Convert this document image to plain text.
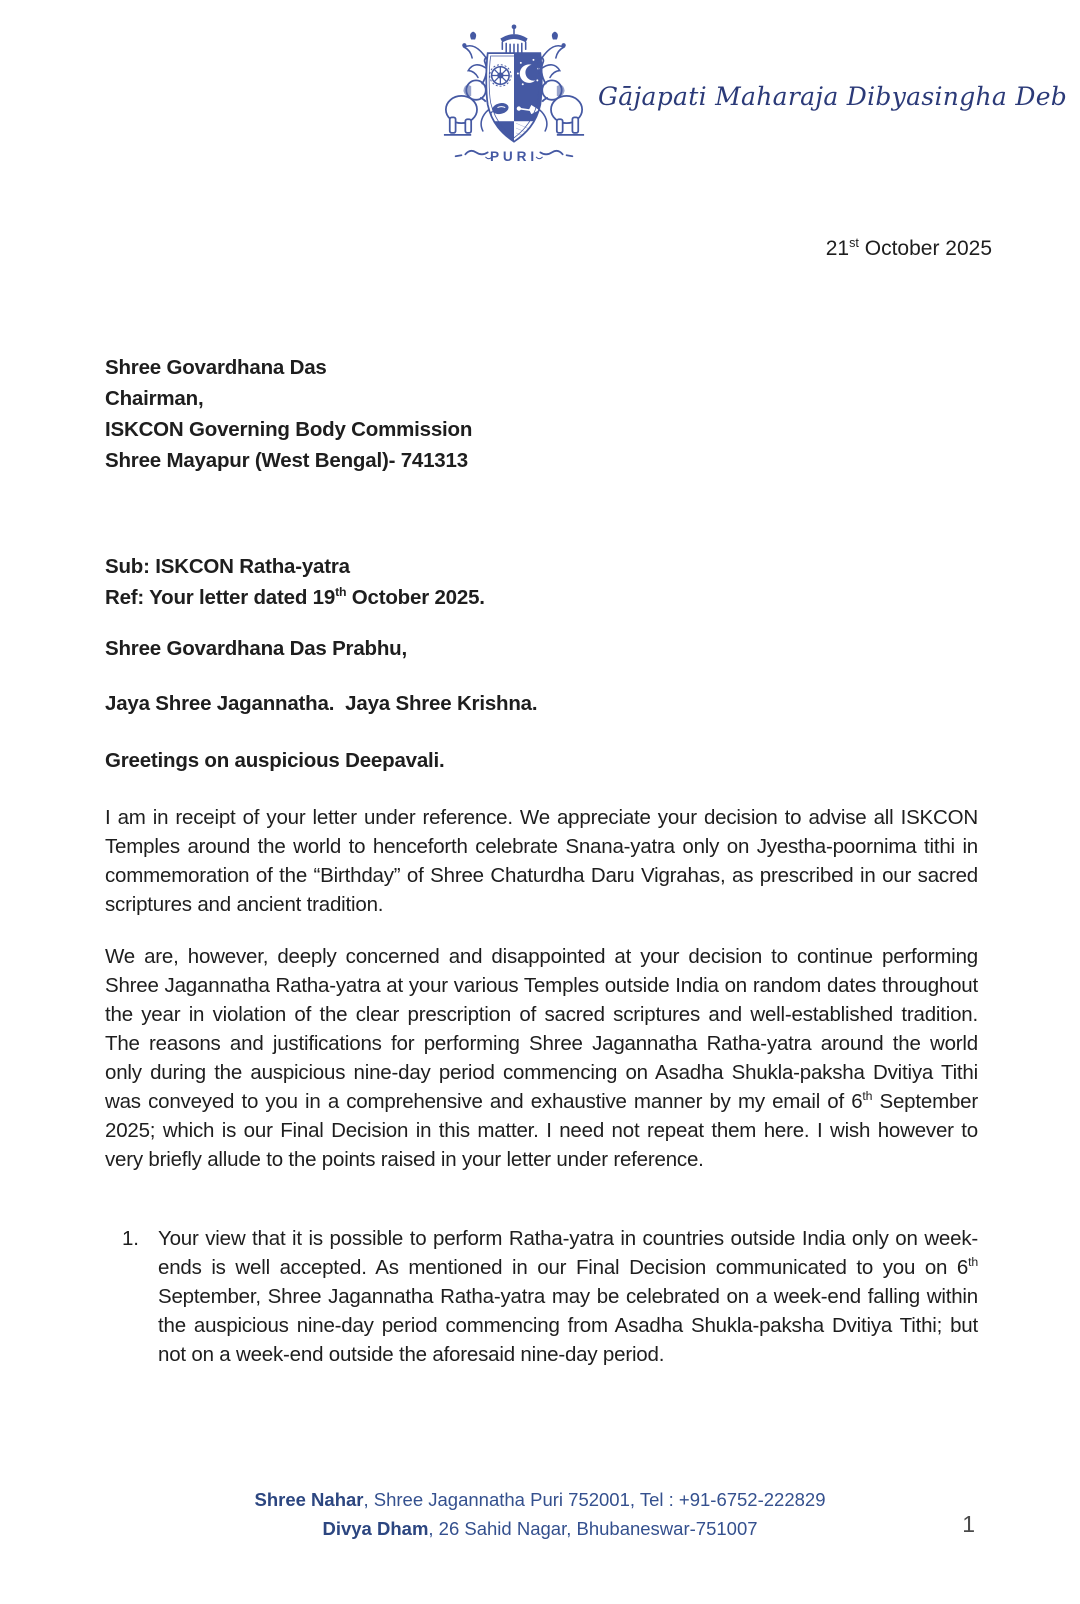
PURI
Gājapati Maharaja Dibyasingha Deb
21st October 2025
Shree Govardhana Das
Chairman,
ISKCON Governing Body Commission
Shree Mayapur (West Bengal)- 741313
Sub: ISKCON Ratha-yatra
Ref: Your letter dated 19th October 2025.
Shree Govardhana Das Prabhu,
Jaya Shree Jagannatha.  Jaya Shree Krishna.
Greetings on auspicious Deepavali.
I am in receipt of your letter under reference. We appreciate your decision to advise all ISKCON Temples around the world to henceforth celebrate Snana-yatra only on Jyestha-poornima tithi in commemoration of the “Birthday” of Shree Chaturdha Daru Vigrahas, as prescribed in our sacred scriptures and ancient tradition.
We are, however, deeply concerned and disappointed at your decision to continue performing Shree Jagannatha Ratha-yatra at your various Temples outside India on random dates throughout the year in violation of the clear prescription of sacred scriptures and well-established tradition. The reasons and justifications for performing Shree Jagannatha Ratha-yatra around the world only during the auspicious nine-day period commencing on Asadha Shukla-paksha Dvitiya Tithi was conveyed to you in a comprehensive and exhaustive manner by my email of 6th September 2025; which is our Final Decision in this matter. I need not repeat them here. I wish however to very briefly allude to the points raised in your letter under reference.
1. Your view that it is possible to perform Ratha-yatra in countries outside India only on week-ends is well accepted. As mentioned in our Final Decision communicated to you on 6th September, Shree Jagannatha Ratha-yatra may be celebrated on a week-end falling within the auspicious nine-day period commencing from Asadha Shukla-paksha Dvitiya Tithi; but not on a week-end outside the aforesaid nine-day period.
Shree Nahar, Shree Jagannatha Puri 752001, Tel : +91-6752-222829
Divya Dham, 26 Sahid Nagar, Bhubaneswar-751007	1
